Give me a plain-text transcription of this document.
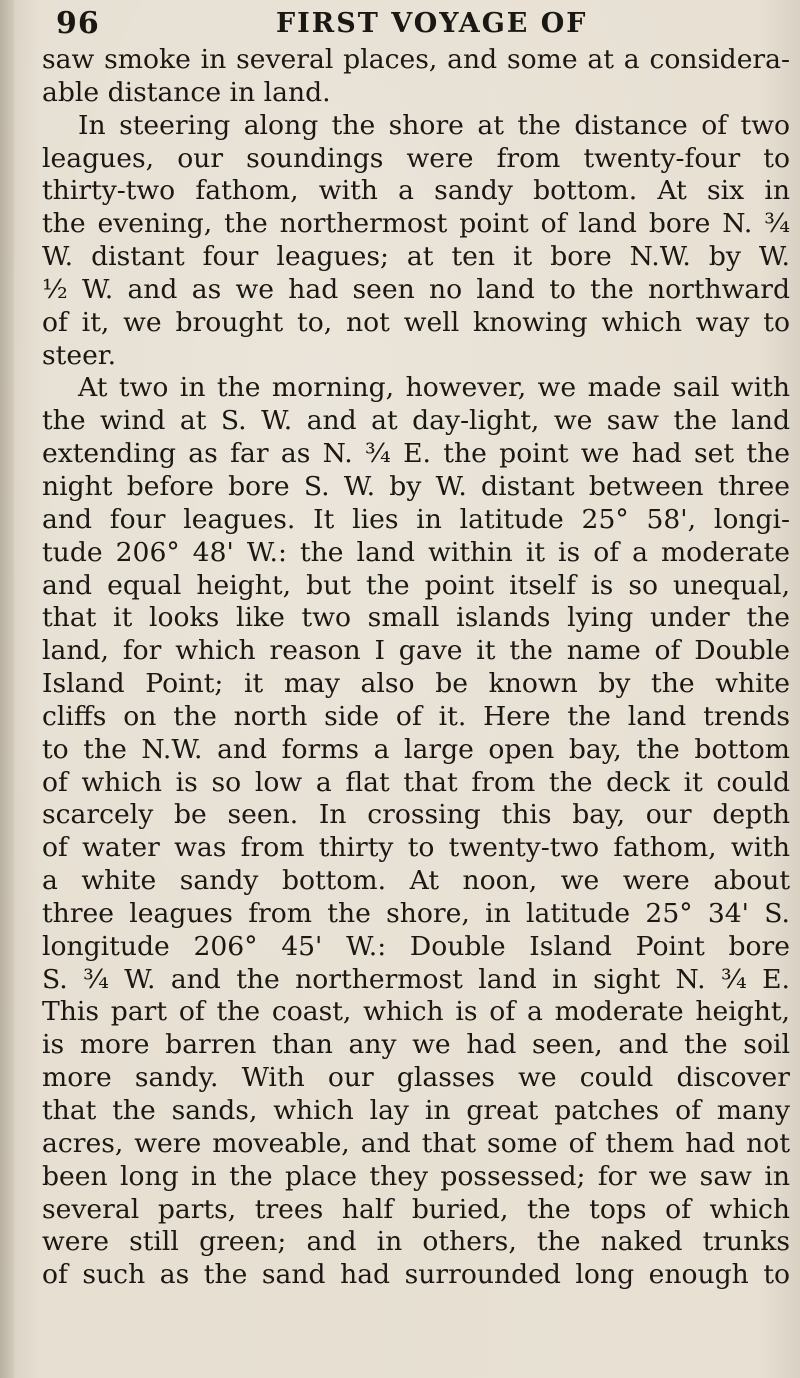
96	FIRST VOYAGE OF
saw smoke in several places, and some at a considera-
able distance in land.
In steering along the shore at the distance of two
leagues, our soundings were from twenty-four to
thirty-two fathom, with a sandy bottom. At six in
the evening, the northermost point of land bore N. ¾
W. distant four leagues; at ten it bore N.W. by W.
½ W. and as we had seen no land to the northward
of it, we brought to, not well knowing which way to
steer.
At two in the morning, however, we made sail with
the wind at S. W. and at day-light, we saw the land
extending as far as N. ¾ E. the point we had set the
night before bore S. W. by W. distant between three
and four leagues. It lies in latitude 25° 58', longi-
tude 206° 48' W.: the land within it is of a moderate
and equal height, but the point itself is so unequal,
that it looks like two small islands lying under the
land, for which reason I gave it the name of Double
Island Point; it may also be known by the white
cliffs on the north side of it. Here the land trends
to the N.W. and forms a large open bay, the bottom
of which is so low a flat that from the deck it could
scarcely be seen. In crossing this bay, our depth
of water was from thirty to twenty-two fathom, with
a white sandy bottom. At noon, we were about
three leagues from the shore, in latitude 25° 34' S.
longitude 206° 45' W.: Double Island Point bore
S. ¾ W. and the northermost land in sight N. ¾ E.
This part of the coast, which is of a moderate height,
is more barren than any we had seen, and the soil
more sandy. With our glasses we could discover
that the sands, which lay in great patches of many
acres, were moveable, and that some of them had not
been long in the place they possessed; for we saw in
several parts, trees half buried, the tops of which
were still green; and in others, the naked trunks
of such as the sand had surrounded long enough to
